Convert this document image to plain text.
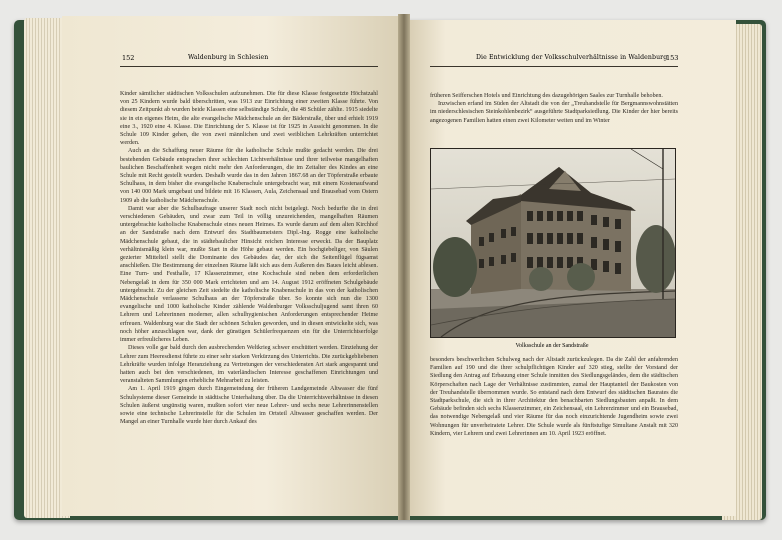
152	Waldenburg in Schlesien

Kinder sämtlicher städtischen Volksschulen aufzunehmen. Die für diese Klasse festgesetzte Höchstzahl von 25 Kindern wurde bald überschritten, was 1913 zur Einrichtung einer zweiten Klasse führte. Von diesem Zeitpunkt ab wurden beide Klassen eine selbständige Schule, die 48 Schüler zählte. 1915 siedelte sie in ein eigenes Heim, die alte evangelische Mädchenschule an der Bäderstraße, über und erhielt 1919 eine 3., 1920 eine 4. Klasse. Die Einrichtung der 5. Klasse ist für 1925 in Aussicht genommen. In die Schule 109 Kinder gehen, die von zwei männlichen und zwei weiblichen Lehrkräften unterrichtet werden.

Auch an die Schaffung neuer Räume für die katholische Schule mußte gedacht werden. Die drei bestehenden Gebäude entsprachen ihrer schlechten Lichtverhältnisse und ihrer teilweise mangelhaften baulichen Beschaffenheit wegen nicht mehr den Anforderungen, die im Zeitalter des Kindes an eine Schule mit Recht gestellt wurden. Deshalb wurde das in den Jahren 1867.68 an der Töpferstraße erbaute Schulhaus, in dem bisher die evangelische Knabenschule untergebracht war, mit einem Kostenaufwand von 140 000 Mark umgebaut und bildete mit 16 Klassen, Aula, Zeichensaal und Brausebad vom Ostern 1909 ab die katholische Mädchenschule.

Damit war aber die Schulbaufrage unserer Stadt noch nicht beigelegt. Noch bedurfte die in drei verschiedenen Gebäuden, und zwar zum Teil in völlig unzureichenden, mangelhaften Räumen untergebrachte katholische Knabenschule eines neuen Heimes. Es wurde darum auf dem alten Kirchhof an der Sandstraße nach dem Entwurf des Stadtbaumeisters Dipl.-Ing. Rogge eine katholische Mädchenschule gebaut, die in städtebaulicher Hinsicht reichen Interesse erweckt. Da der Bauplatz verhältnismäßig klein war, mußte Start in die Höhe gebaut werden. Ein hochgiebeliger, von Säulen gezierter Mittelteil stellt die Dominante des Gebäudes dar, der sich die Seitenflügel fügsamst anschließen. Die Bestimmung der einzelnen Räume läßt sich aus dem Äußeren des Baues leicht ablesen. Eine Turn- und Festhalle, 17 Klassenzimmer, eine Kochschule sind neben dem erforderlichen Nebengelaß in dem für 350 000 Mark errichteten und am 14. August 1912 eröffneten Schulgebäude untergebracht. Zu der gleichen Zeit siedelte die katholische Knabenschule in das von der katholischen Mädchenschule verlassene Schulhaus an der Töpferstraße über. So konnte sich nun die 1300 evangelische und 1000 katholische Kinder zählende Waldenburger Volksschuljugend samt ihren 60 Lehrern und Lehrerinnen moderner, allen schulhygienischen Anforderungen entsprechender Heime erfreuen. Waldenburg war die Stadt der schönen Schulen geworden, und in diesen entwickelte sich, was noch höher anzuschlagen war, dank der günstigen Schülerfrequenzen ein für die Unterrichtserfolge immer erfreulicheres Leben.

Dieses volle gar bald durch den ausbrechenden Weltkrieg schwer erschüttert werden. Einziehung der Lehrer zum Heeresdienst führte zu einer sehr starken Verkürzung des Unterrichts. Die zurückgebliebenen Lehrkräfte wurden infolge Heranziehung zu Vertretungen der verschiedensten Art stark angespannt und hatten auch bei den verschiedenen, im vaterländischen Interesse geschaffenen Einrichtungen und veranstalteten Sammlungen erhebliche Mehrarbeit zu leisten.

Am 1. April 1919 gingen durch Eingemeindung der früheren Landgemeinde Altwasser die fünf Schulsysteme dieser Gemeinde in städtische Unterhaltung über. Da die Unterrichtsverhältnisse in diesen Schulen äußerst ungünstig waren, mußten sofort vier neue Lehrer- und sechs neue Lehrerinnenstellen sowie eine technische Lehrerinstelle für die Schulen im Ortsteil Altwasser geschaffen werden. Der Mangel an einer Turnhalle wurde hier durch Ankauf des

Die Entwicklung der Volksschulverhältnisse in Waldenburg
153

früheren Seifferschen Hotels und Einrichtung des dazugehörigen Saales zur Turnhalle behoben.

Inzwischen erfand im Süden der Altstadt die von der „Treuhandstelle für Bergmannswohnstätten im niederschlesischen Steinkohlenbezirk“ ausgeführte Stadtparksiedlung. Die Kinder der hier bereits angezogenen Familien hatten einen zwei Kilometer weiten und im Winter

Volksschule an der Sandstraße

besonders beschwerlichen Schulweg nach der Altstadt zurückzulegen. Da die Zahl der anfahrenden Familien auf 190 und die ihrer schulpflichtigen Kinder auf 320 stieg, stellte der Vorstand der Siedlung den Antrag auf Erbauung einer Schule inmitten des Siedlungsgeländes, dem die städtischen Körperschaften nach Lage der Verhältnisse zustimmten, zumal der Hauptanteil der Baukosten von der Treuhandstelle übernommen wurde. So entstand nach dem Entwurf des städtischen Baurates die Stadtparkschule, die sich in ihrer Architektur den benachbarten Siedlungsbauten anpaßt. In dem Gebäude befinden sich sechs Klassenzimmer, ein Zeichensaal, ein Lehrerzimmer und ein Brausebad, das notwendige Nebengelaß und vier Räume für das noch einzurichtende Jugendheim sowie zwei Wohnungen für unverheiratete Lehrer. Die Schule wurde als fünftstufige Simultane Anstalt mit 320 Kindern, vier Lehrern und zwei Lehrerinnen am 10. April 1923 eröffnet.
